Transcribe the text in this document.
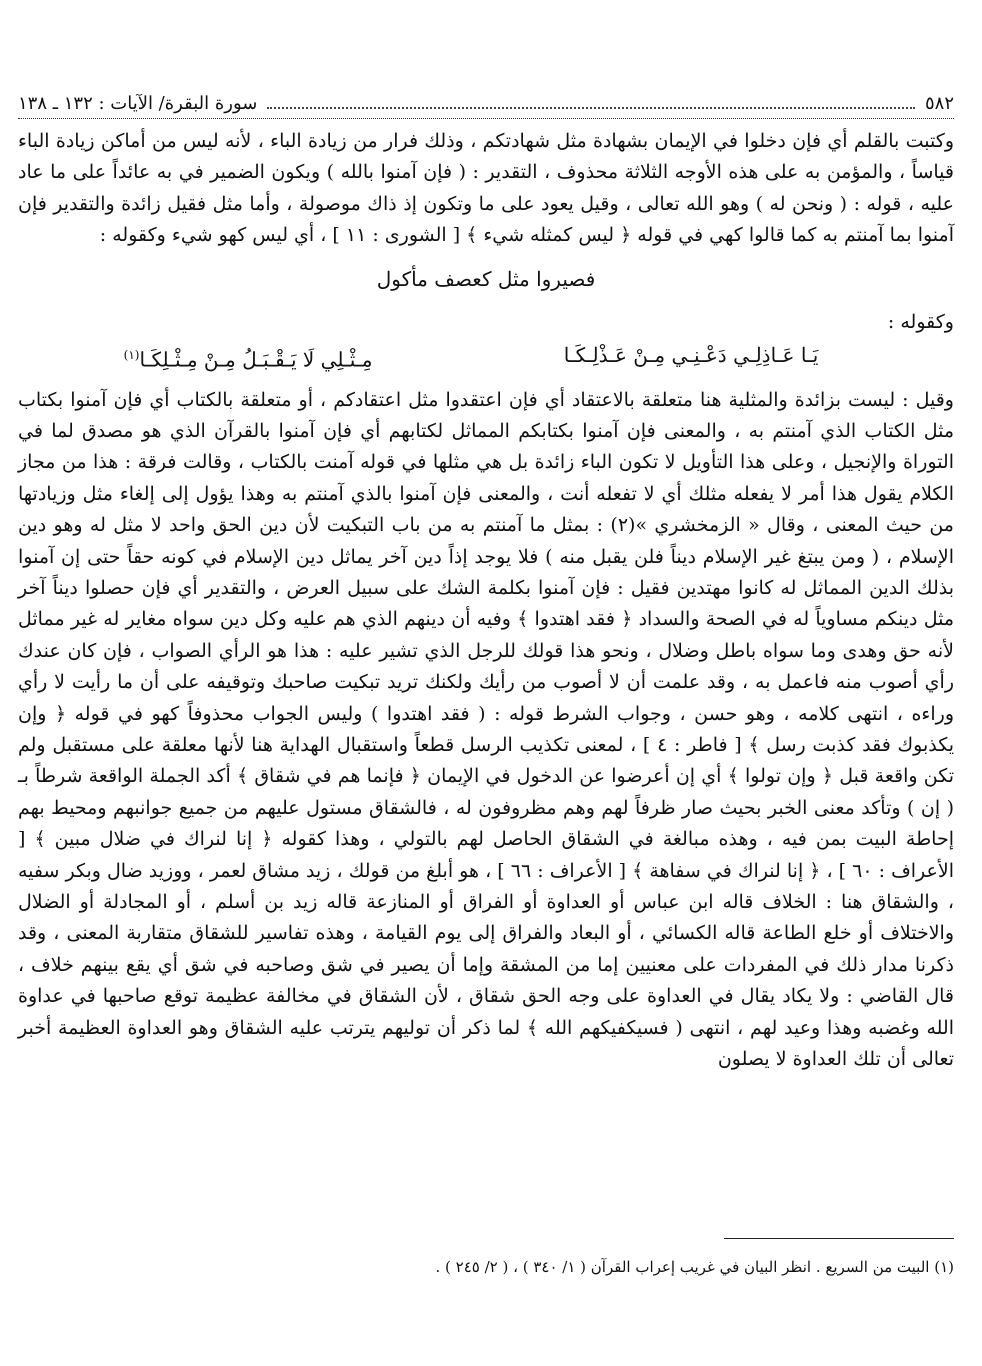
٥٨٢
سورة البقرة/ الآيات : ١٣٢ ـ ١٣٨

وكتبت بالقلم أي فإن دخلوا في الإيمان بشهادة مثل شهادتكم ، وذلك فرار من زيادة الباء ، لأنه ليس من أماكن زيادة الباء قياساً ، والمؤمن به على هذه الأوجه الثلاثة محذوف ، التقدير : ( فإن آمنوا بالله ) ويكون الضمير في به عائداً على ما عاد عليه ، قوله : ( ونحن له ) وهو الله تعالى ، وقيل يعود على ما وتكون إذ ذاك موصولة ، وأما مثل فقيل زائدة والتقدير فإن آمنوا بما آمنتم به كما قالوا كهي في قوله ﴿ ليس كمثله شيء ﴾ [ الشورى : ١١ ] ، أي ليس كهو شيء وكقوله :

فصيروا مثل كعصف مأكول

وكقوله :

يَـا عَـاذِلِـي دَعْـنِـي مِـنْ عَـذْلِـكَـا
مِـثْـلِي لَا يَـقْـبَـلُ مِـنْ مِـثْـلِكَـا$^{(١)}$

وقيل : ليست بزائدة والمثلية هنا متعلقة بالاعتقاد أي فإن اعتقدوا مثل اعتقادكم ، أو متعلقة بالكتاب أي فإن آمنوا بكتاب مثل الكتاب الذي آمنتم به ، والمعنى فإن آمنوا بكتابكم المماثل لكتابهم أي فإن آمنوا بالقرآن الذي هو مصدق لما في التوراة والإنجيل ، وعلى هذا التأويل لا تكون الباء زائدة بل هي مثلها في قوله آمنت بالكتاب ، وقالت فرقة : هذا من مجاز الكلام يقول هذا أمر لا يفعله مثلك أي لا تفعله أنت ، والمعنى فإن آمنوا بالذي آمنتم به وهذا يؤول إلى إلغاء مثل وزيادتها من حيث المعنى ، وقال « الزمخشري »(٢) : بمثل ما آمنتم به من باب التبكيت لأن دين الحق واحد لا مثل له وهو دين الإسلام ، ( ومن يبتغ غير الإسلام ديناً فلن يقبل منه ) فلا يوجد إذاً دين آخر يماثل دين الإسلام في كونه حقاً حتى إن آمنوا بذلك الدين المماثل له كانوا مهتدين فقيل : فإن آمنوا بكلمة الشك على سبيل العرض ، والتقدير أي فإن حصلوا ديناً آخر مثل دينكم مساوياً له في الصحة والسداد ﴿ فقد اهتدوا ﴾ وفيه أن دينهم الذي هم عليه وكل دين سواه مغاير له غير مماثل لأنه حق وهدى وما سواه باطل وضلال ، ونحو هذا قولك للرجل الذي تشير عليه : هذا هو الرأي الصواب ، فإن كان عندك رأي أصوب منه فاعمل به ، وقد علمت أن لا أصوب من رأيك ولكنك تريد تبكيت صاحبك وتوقيفه على أن ما رأيت لا رأي وراءه ، انتهى كلامه ، وهو حسن ، وجواب الشرط قوله : ( فقد اهتدوا ) وليس الجواب محذوفاً كهو في قوله ﴿ وإن يكذبوك فقد كذبت رسل ﴾ [ فاطر : ٤ ] ، لمعنى تكذيب الرسل قطعاً واستقبال الهداية هنا لأنها معلقة على مستقبل ولم تكن واقعة قبل ﴿ وإن تولوا ﴾ أي إن أعرضوا عن الدخول في الإيمان ﴿ فإنما هم في شقاق ﴾ أكد الجملة الواقعة شرطاً بـ ( إن ) وتأكد معنى الخبر بحيث صار ظرفاً لهم وهم مظروفون له ، فالشقاق مستول عليهم من جميع جوانبهم ومحيط بهم إحاطة البيت بمن فيه ، وهذه مبالغة في الشقاق الحاصل لهم بالتولي ، وهذا كقوله ﴿ إنا لنراك في ضلال مبين ﴾ [ الأعراف : ٦٠ ] ، ﴿ إنا لنراك في سفاهة ﴾ [ الأعراف : ٦٦ ] ، هو أبلغ من قولك ، زيد مشاق لعمر ، ووزيد ضال وبكر سفيه ، والشقاق هنا : الخلاف قاله ابن عباس أو العداوة أو الفراق أو المنازعة قاله زيد بن أسلم ، أو المجادلة أو الضلال والاختلاف أو خلع الطاعة قاله الكسائي ، أو البعاد والفراق إلى يوم القيامة ، وهذه تفاسير للشقاق متقاربة المعنى ، وقد ذكرنا مدار ذلك في المفردات على معنيين إما من المشقة وإما أن يصير في شق وصاحبه في شق أي يقع بينهم خلاف ، قال القاضي : ولا يكاد يقال في العداوة على وجه الحق شقاق ، لأن الشقاق في مخالفة عظيمة توقع صاحبها في عداوة الله وغضبه وهذا وعيد لهم ، انتهى ( فسيكفيكهم الله ﴾ لما ذكر أن توليهم يترتب عليه الشقاق وهو العداوة العظيمة أخبر تعالى أن تلك العداوة لا يصلون

(١) البيت من السريع . انظر البيان في غريب إعراب القرآن ( ١/ ٣٤٠ ) ، ( ٢/ ٢٤٥ ) .
